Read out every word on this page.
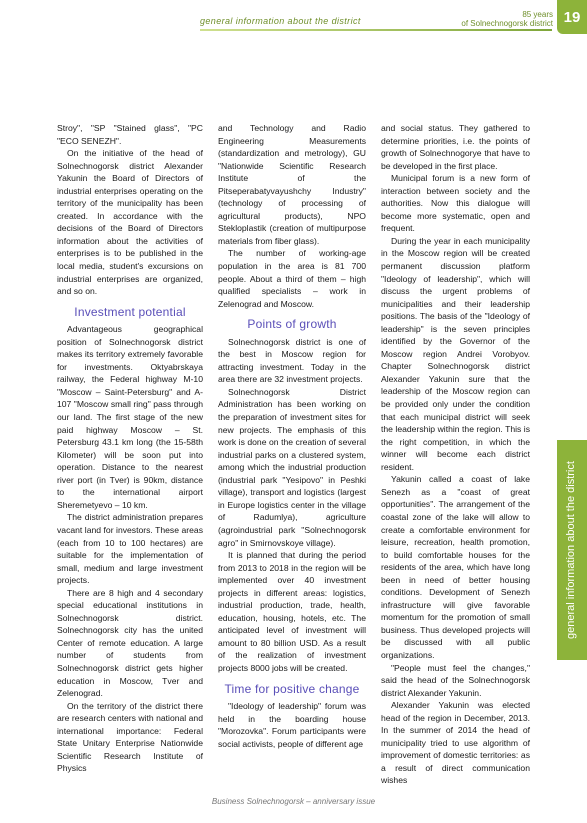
general information about the district
85 years
of Solnechnogorsk district 19
general information about the district

Stroy", "SP "Stained glass", "PC "ECO SENEZH".

On the initiative of the head of Solnechnogorsk district Alexander Yakunin the Board of Directors of industrial enterprises operating on the territory of the municipality has been created. In accordance with the decisions of the Board of Directors information about the activities of enterprises is to be published in the local media, student's excursions on industrial enterprises are organized, and so on.

Investment potential

Advantageous geographical position of Solnechnogorsk district makes its territory extremely favorable for investments. Oktyabrskaya railway, the Federal highway M-10 "Moscow – Saint-Petersburg" and A-107 "Moscow small ring" pass through our land. The first stage of the new paid highway Moscow – St. Petersburg 43.1 km long (the 15-58th Kilometer) will be soon put into operation. Distance to the nearest river port (in Tver) is 90km, distance to the international airport Sheremetyevo – 10 km.

The district administration prepares vacant land for investors. These areas (each from 10 to 100 hectares) are suitable for the implementation of small, medium and large investment projects.

There are 8 high and 4 secondary special educational institutions in Solnechnogorsk district. Solnechnogorsk city has the united Center of remote education. A large number of students from Solnechnogorsk district gets higher education in Moscow, Tver and Zelenograd.

On the territory of the district there are research centers with national and international importance: Federal State Unitary Enterprise Nationwide Scientific Research Institute of Physics

and Technology and Radio Engineering Measurements (standardization and metrology), GU "Nationwide Scientific Research Institute of the Pitseperabatyvayushchy Industry" (technology of processing of agricultural products), NPO Stekloplastik (creation of multipurpose materials from fiber glass).

The number of working-age population in the area is 81 700 people. About a third of them – high qualified specialists – work in Zelenograd and Moscow.

Points of growth

Solnechnogorsk district is one of the best in Moscow region for attracting investment. Today in the area there are 32 investment projects.

Solnechnogorsk District Administration has been working on the preparation of investment sites for new projects. The emphasis of this work is done on the creation of several industrial parks on a clustered system, among which the industrial production (industrial park "Yesipovo" in Peshki village), transport and logistics (largest in Europe logistics center in the village of Radumlya), agriculture (agroindustrial park "Solnechnogorsk agro" in Smirnovskoye village).

It is planned that during the period from 2013 to 2018 in the region will be implemented over 40 investment projects in different areas: logistics, industrial production, trade, health, education, housing, hotels, etc. The anticipated level of investment will amount to 80 billion USD. As a result of the realization of investment projects 8000 jobs will be created.

Time for positive change

"Ideology of leadership" forum was held in the boarding house "Morozovka". Forum participants were social activists, people of different age

and social status. They gathered to determine priorities, i.e. the points of growth of Solnechnogorye that have to be developed in the first place.

Municipal forum is a new form of interaction between society and the authorities. Now this dialogue will become more systematic, open and frequent.

During the year in each municipality in the Moscow region will be created permanent discussion platform "Ideology of leadership", which will discuss the urgent problems of municipalities and their leadership positions. The basis of the "Ideology of leadership" is the seven principles identified by the Governor of the Moscow region Andrei Vorobyov. Chapter Solnechnogorsk district Alexander Yakunin sure that the leadership of the Moscow region can be provided only under the condition that each municipal district will seek the leadership within the region. This is the right competition, in which the winner will become each district resident.

Yakunin called a coast of lake Senezh as a "coast of great opportunities". The arrangement of the coastal zone of the lake will allow to create a comfortable environment for leisure, recreation, health promotion, to build comfortable houses for the residents of the area, which have long been in need of better housing conditions. Development of Senezh infrastructure will give favorable momentum for the promotion of small business. Thus developed projects will be discussed with all public organizations.

"People must feel the changes," said the head of the Solnechnogorsk district Alexander Yakunin.

Alexander Yakunin was elected head of the region in December, 2013. In the summer of 2014 the head of municipality tried to use algorithm of improvement of domestic territories: as a result of direct communication wishes

Business Solnechnogorsk – anniversary issue
